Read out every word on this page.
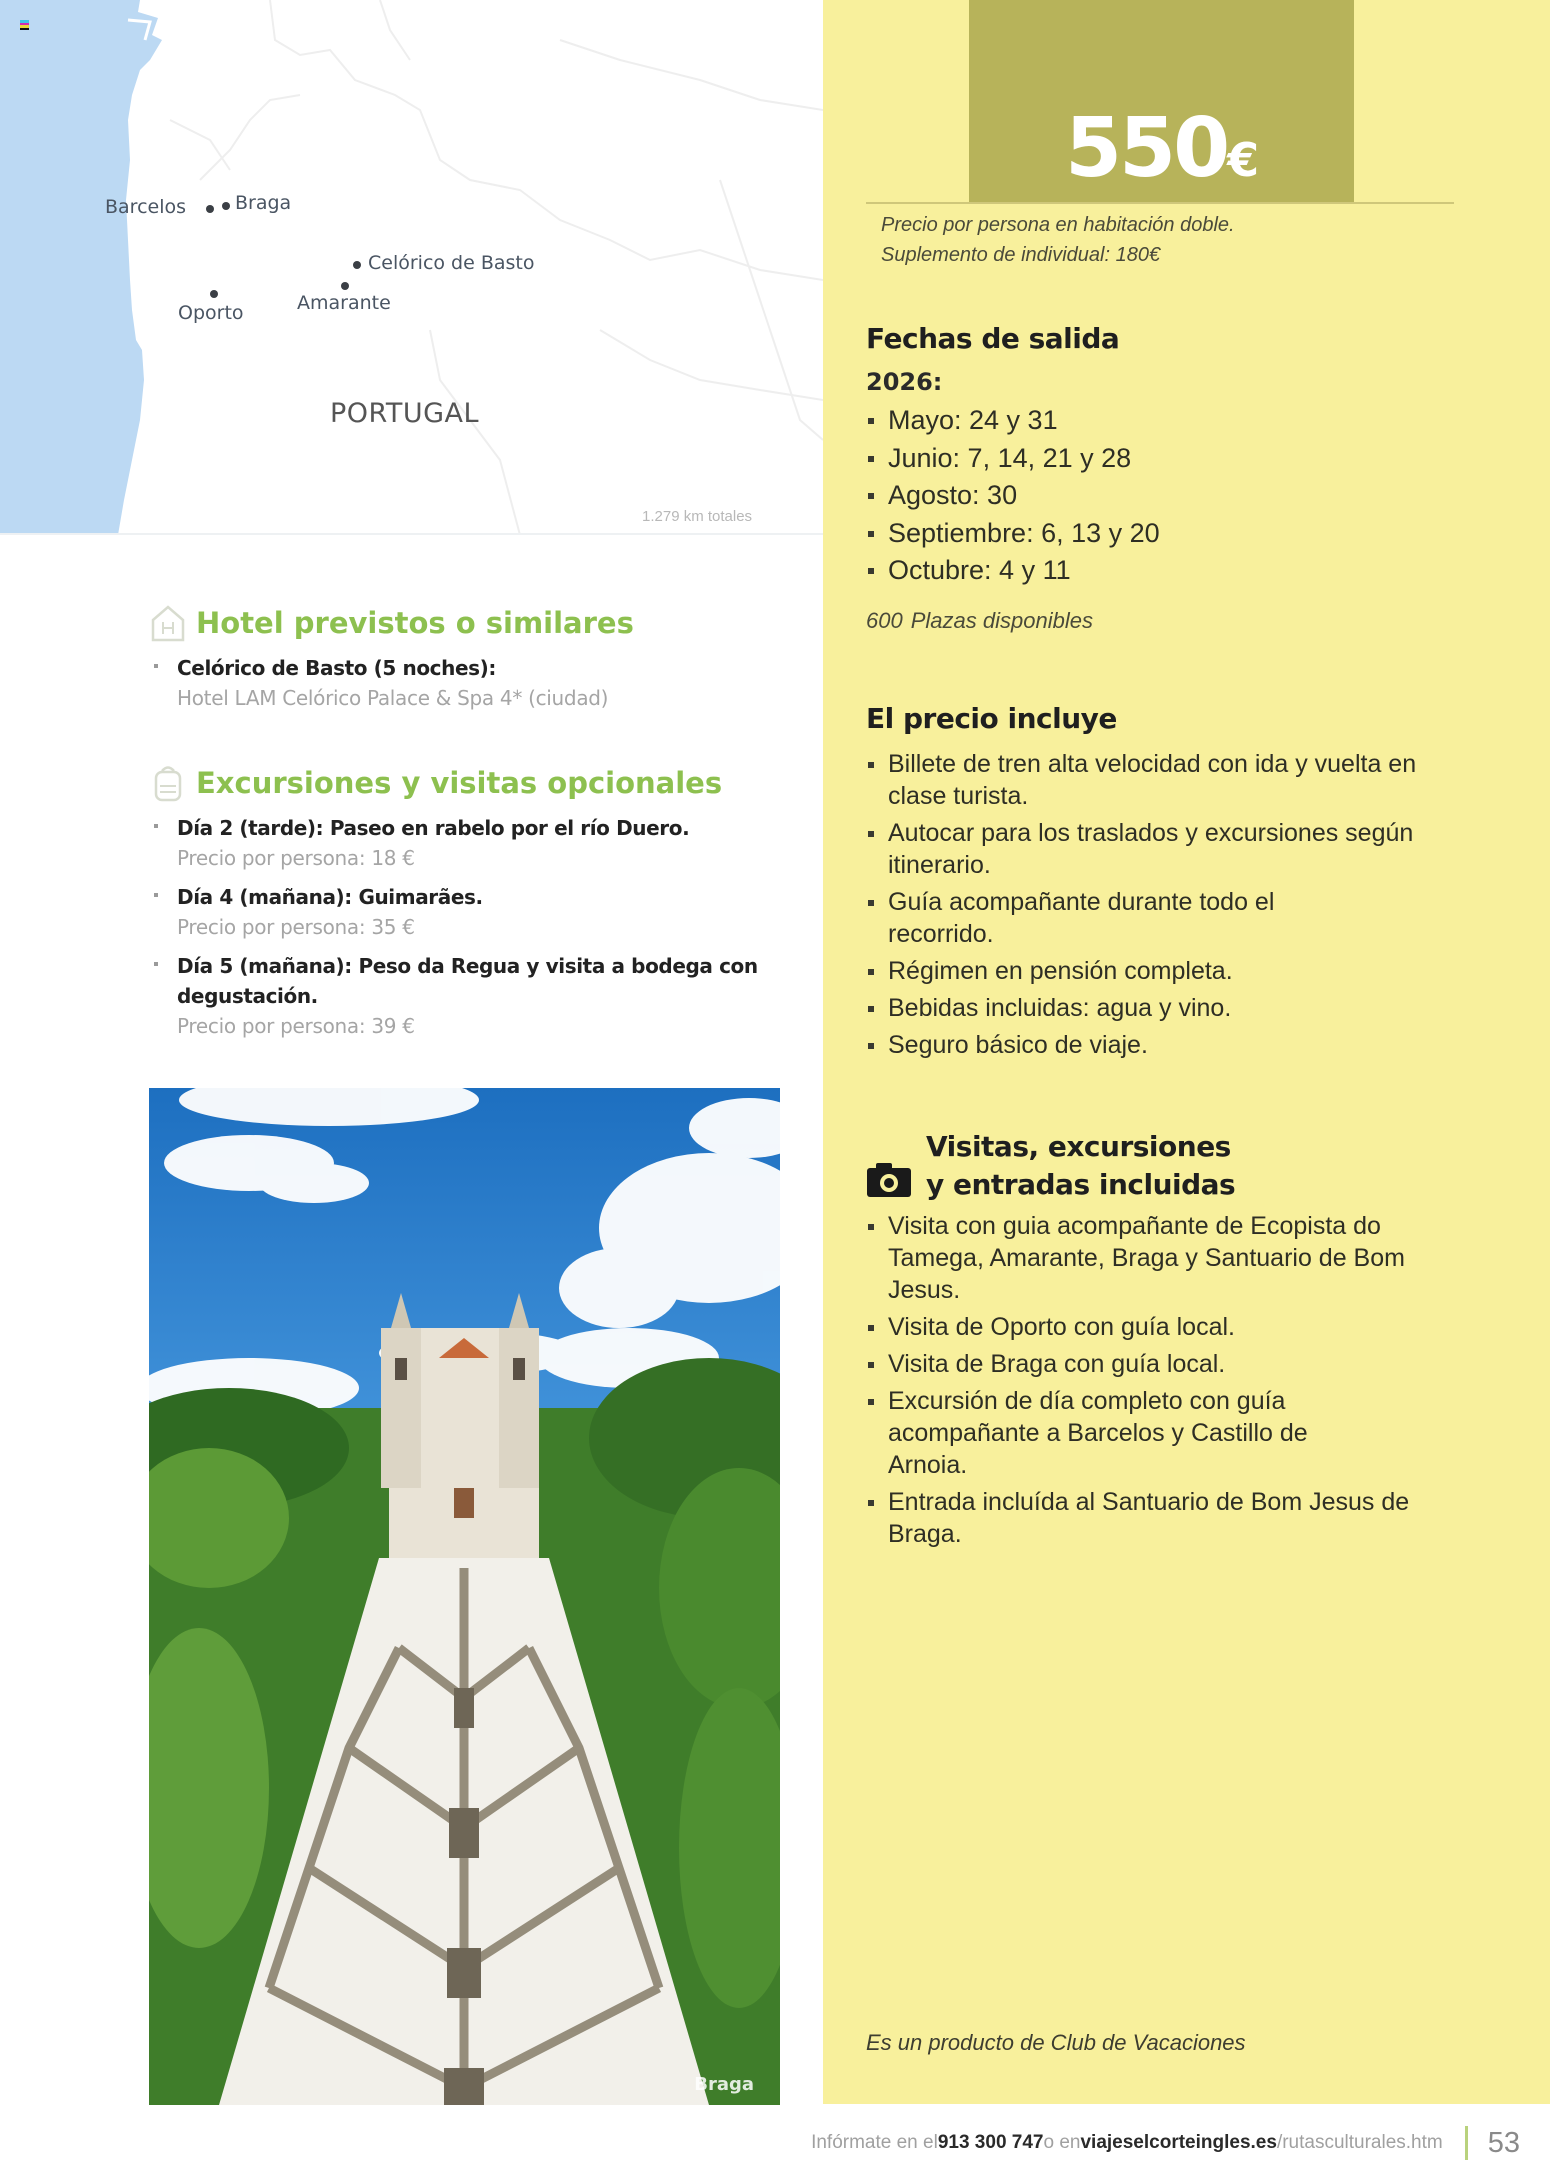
Barcelos	Braga
Celórico de Basto
Amarante
Oporto
PORTUGAL
1.279 km totales
Hotel previstos o similares
Celórico de Basto (5 noches):
Hotel LAM Celórico Palace & Spa 4* (ciudad)
Excursiones y visitas opcionales
Día 2 (tarde): Paseo en rabelo por el río Duero.
Precio por persona: 18 €
Día 4 (mañana): Guimarães.
Precio por persona: 35 €
Día 5 (mañana): Peso da Regua y visita a bodega con degustación.
Precio por persona: 39 €
Braga
550€
Precio por persona en habitación doble.
Suplemento de individual: 180€
Fechas de salida
2026:
Mayo: 24 y 31
Junio: 7, 14, 21 y 28
Agosto: 30
Septiembre: 6, 13 y 20
Octubre: 4 y 11
600 Plazas disponibles
El precio incluye
Billete de tren alta velocidad con ida y vuelta en clase turista.
Autocar para los traslados y excursiones según itinerario.
Guía acompañante durante todo el recorrido.
Régimen en pensión completa.
Bebidas incluidas: agua y vino.
Seguro básico de viaje.
Visitas, excursiones
y entradas incluidas
Visita con guia acompañante de Ecopista do Tamega, Amarante, Braga y Santuario de Bom Jesus.
Visita de Oporto con guía local.
Visita de Braga con guía local.
Excursión de día completo con guía acompañante a Barcelos y Castillo de Arnoia.
Entrada incluída al Santuario de Bom Jesus de Braga.
Es un producto de Club de Vacaciones
Infórmate en el 913 300 747 o en viajeselcorteingles.es /rutasculturales.htm 53
